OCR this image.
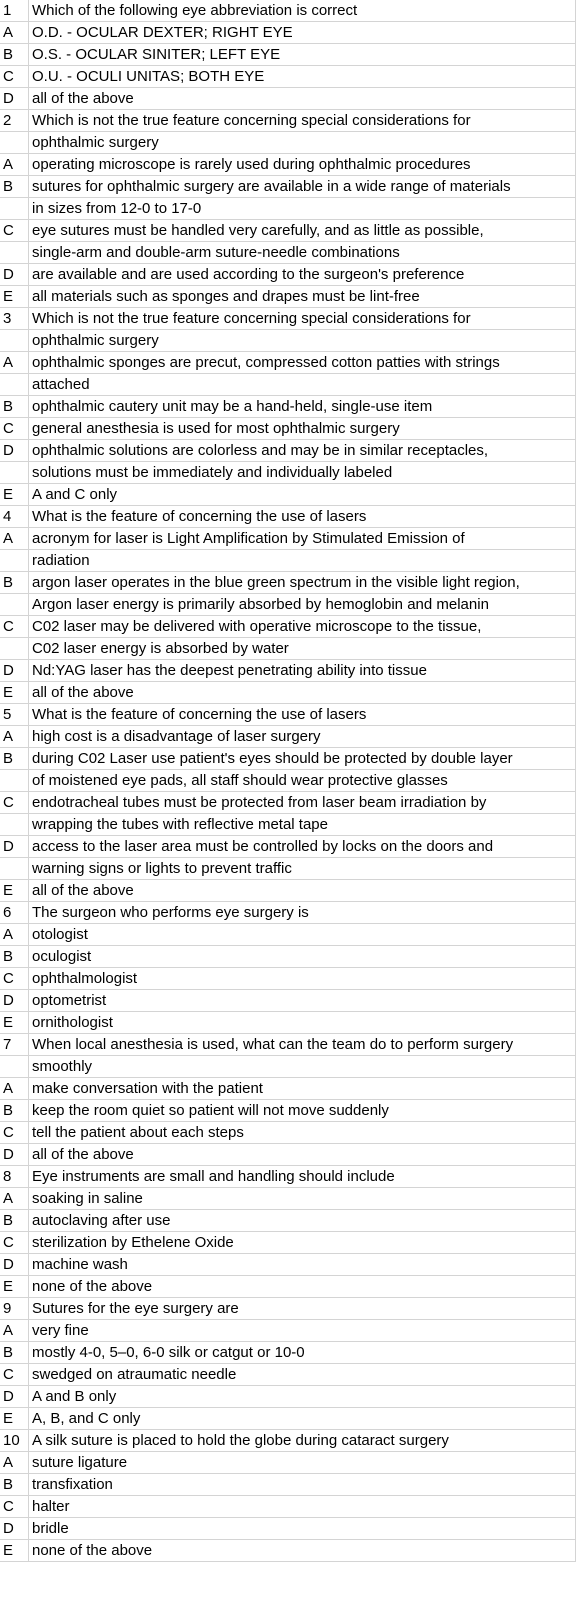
1	Which of the following eye abbreviation is correct
A	O.D. - OCULAR DEXTER; RIGHT EYE
B	O.S. - OCULAR SINITER; LEFT EYE
C	O.U. - OCULI UNITAS; BOTH EYE
D	all of the above
2	Which is not the true feature concerning special considerations for
	ophthalmic surgery
A	operating microscope is rarely used during ophthalmic procedures
B	sutures for ophthalmic surgery are available in a wide range of materials
	in sizes from 12-0 to 17-0
C	eye sutures must be handled very carefully, and as little as possible,
	single-arm and double-arm suture-needle combinations
D	are available and are used according to the surgeon's preference
E	all materials such as sponges and drapes must be lint-free
3	Which is not the true feature concerning special considerations for
	ophthalmic surgery
A	ophthalmic sponges are precut, compressed cotton patties with strings
	attached
B	ophthalmic cautery unit may be a hand-held, single-use item
C	general anesthesia is used for most ophthalmic surgery
D	ophthalmic solutions are colorless and may be in similar receptacles,
	solutions must be immediately and individually labeled
E	A and C only
4	What is the feature of concerning the use of lasers
A	acronym for laser is Light Amplification by Stimulated Emission of
	radiation
B	argon laser operates in the blue green spectrum in the visible light region,
	Argon laser energy is primarily absorbed by hemoglobin and melanin
C	C02 laser may be delivered with operative microscope to the tissue,
	C02 laser energy is absorbed by water
D	Nd:YAG laser has the deepest penetrating ability into tissue
E	all of the above
5	What is the feature of concerning the use of lasers
A	high cost is a disadvantage of laser surgery
B	during C02 Laser use patient's eyes should be protected by double layer
	of moistened eye pads, all staff should wear protective glasses
C	endotracheal tubes must be protected from laser beam irradiation by
	wrapping the tubes with reflective metal tape
D	access to the laser area must be controlled by locks on the doors and
	warning signs or lights to prevent traffic
E	all of the above
6	The surgeon who performs eye surgery is
A	otologist
B	oculogist
C	ophthalmologist
D	optometrist
E	ornithologist
7	When local anesthesia is used, what can the team do to perform surgery
	smoothly
A	make conversation with the patient
B	keep the room quiet so patient will not move suddenly
C	tell the patient about each steps
D	all of the above
8	Eye instruments are small and handling should include
A	soaking in saline
B	autoclaving after use
C	sterilization by Ethelene Oxide
D	machine wash
E	none of the above
9	Sutures for the eye surgery are
A	very fine
B	mostly 4-0, 5–0, 6-0 silk or catgut or 10-0
C	swedged on atraumatic needle
D	A and B only
E	A, B, and C only
10	A silk suture is placed to hold the globe during cataract surgery
A	suture ligature
B	transfixation
C	halter
D	bridle
E	none of the above
